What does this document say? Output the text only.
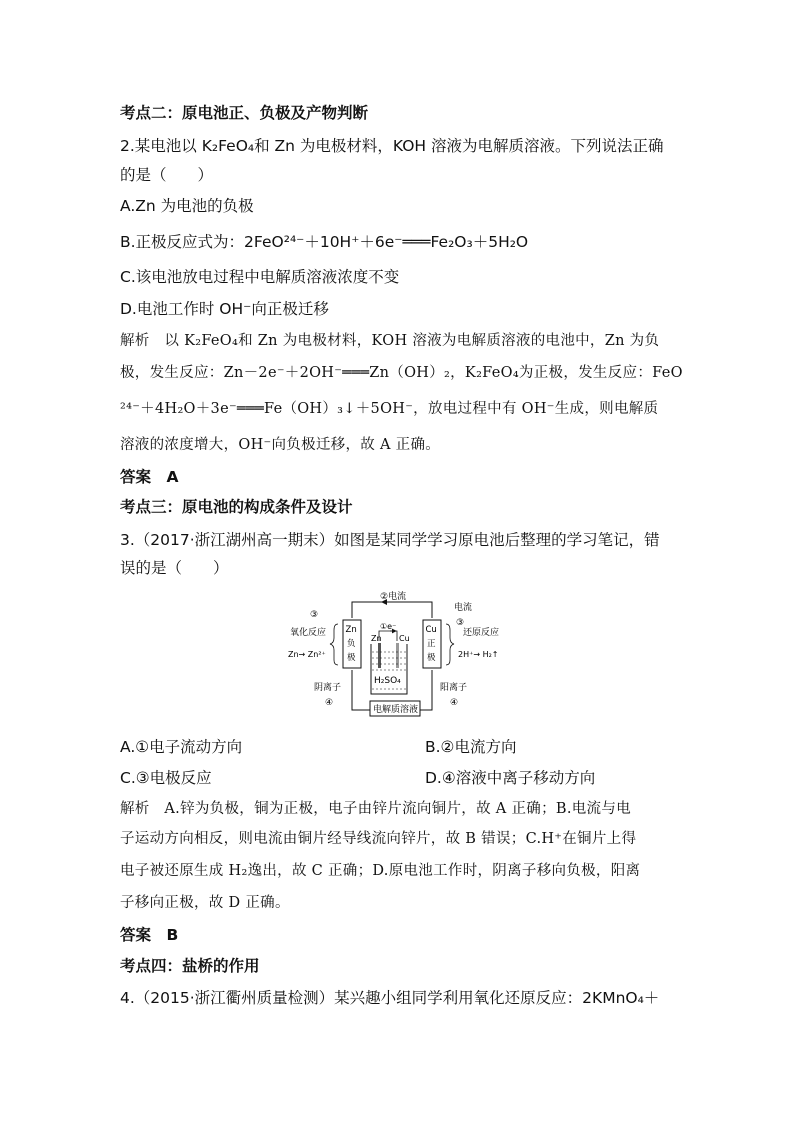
考点二：原电池正、负极及产物判断
2.某电池以 K₂FeO₄和 Zn 为电极材料，KOH 溶液为电解质溶液。下列说法正确
的是（　　）
A.Zn 为电池的负极
B.正极反应式为：2FeO²⁴⁻＋10H⁺＋6e⁻═══Fe₂O₃＋5H₂O
C.该电池放电过程中电解质溶液浓度不变
D.电池工作时 OH⁻向正极迁移
解析　以 K₂FeO₄和 Zn 为电极材料，KOH 溶液为电解质溶液的电池中，Zn 为负
极，发生反应：Zn－2e⁻＋2OH⁻═══Zn（OH）₂，K₂FeO₄为正极，发生反应：FeO
²⁴⁻＋4H₂O＋3e⁻═══Fe（OH）₃↓＋5OH⁻，放电过程中有 OH⁻生成，则电解质
溶液的浓度增大，OH⁻向负极迁移，故 A 正确。
答案　A
考点三：原电池的构成条件及设计
3.（2017·浙江湖州高一期末）如图是某同学学习原电池后整理的学习笔记，错
误的是（　　）
②电流
电流
Zn
负
极
Cu
正
极
③
氧化反应
Zn→ Zn²⁺
③
还原反应
2H⁺→ H₂↑
①e⁻
Zn Cu
H₂SO₄
阴离子
④
阳离子
④
电解质溶液
A.①电子流动方向	B.②电流方向
C.③电极反应	D.④溶液中离子移动方向
解析　A.锌为负极，铜为正极，电子由锌片流向铜片，故 A 正确；B.电流与电
子运动方向相反，则电流由铜片经导线流向锌片，故 B 错误；C.H⁺在铜片上得
电子被还原生成 H₂逸出，故 C 正确；D.原电池工作时，阴离子移向负极，阳离
子移向正极，故 D 正确。
答案　B
考点四：盐桥的作用
4.（2015·浙江衢州质量检测）某兴趣小组同学利用氧化还原反应：2KMnO₄＋
